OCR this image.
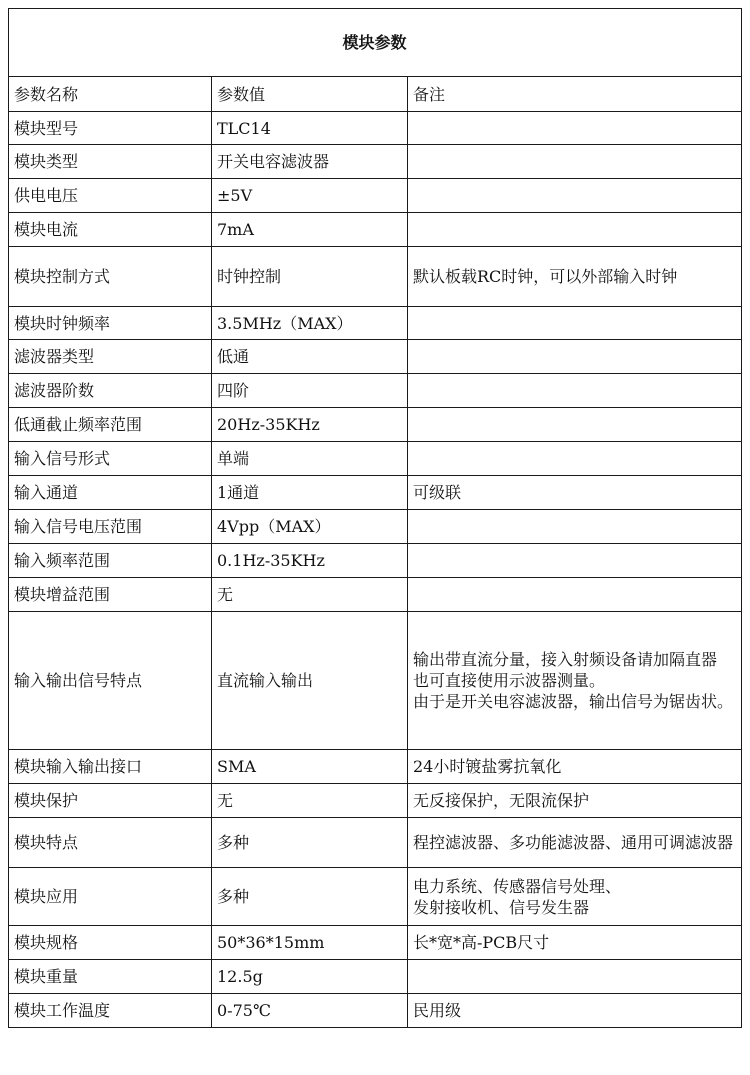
模块参数		
参数名称	参数值	备注
模块型号	TLC14	
模块类型	开关电容滤波器	
供电电压	±5V	
模块电流	7mA	
模块控制方式	时钟控制	默认板载RC时钟，可以外部输入时钟

模块时钟频率	3.5MHz（MAX）	
滤波器类型	低通	
滤波器阶数	四阶	
低通截止频率范围	20Hz-35KHz	
输入信号形式	单端	
输入通道	1通道	可级联

输入信号电压范围	4Vpp（MAX）	
输入频率范围	0.1Hz-35KHz	
模块增益范围	无	
输入输出信号特点	直流输入输出	输出带直流分量，接入射频设备请加隔直器
也可直接使用示波器测量。
由于是开关电容滤波器，输出信号为锯齿状。

模块输入输出接口	SMA	24小时镀盐雾抗氧化

模块保护	无	无反接保护，无限流保护

模块特点	多种	程控滤波器、多功能滤波器、通用可调滤波器

模块应用	多种	电力系统、传感器信号处理、
发射接收机、信号发生器

模块规格	50*36*15mm	长*宽*高-PCB尺寸

模块重量	12.5g	
模块工作温度	0-75℃	民用级
